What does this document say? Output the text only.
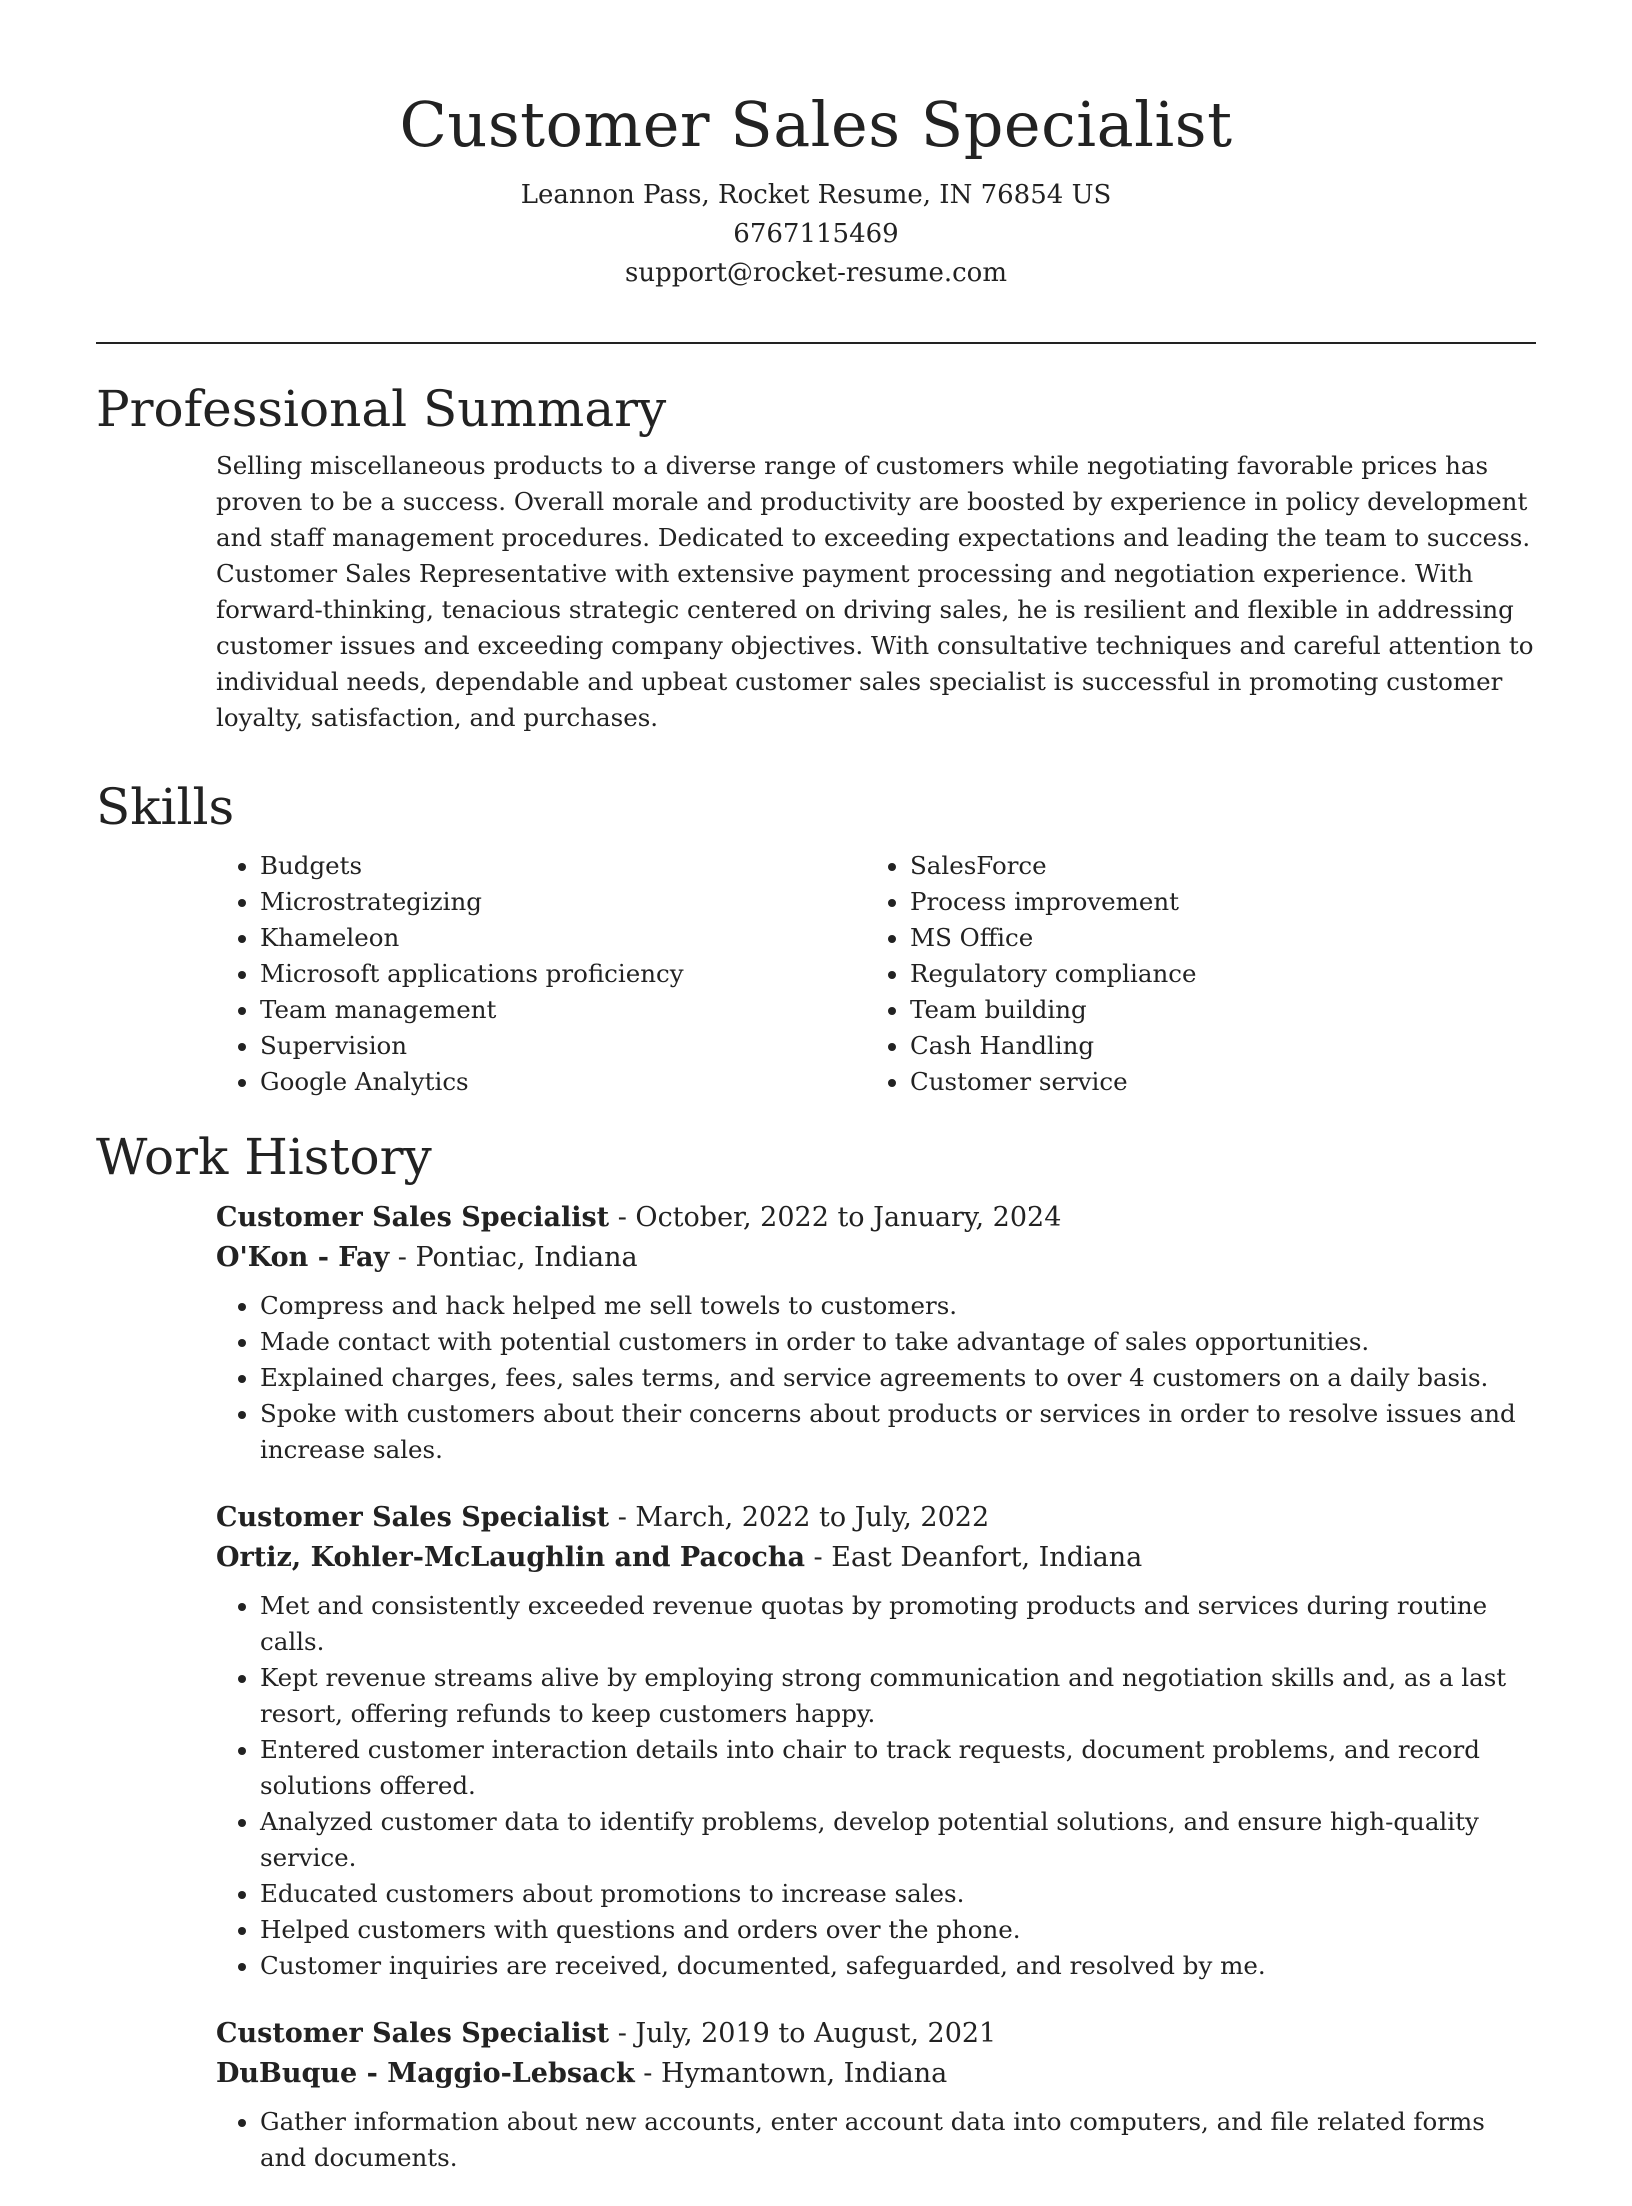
Customer Sales Specialist
Leannon Pass, Rocket Resume, IN 76854 US
6767115469
support@rocket-resume.com
Professional Summary

Selling miscellaneous products to a diverse range of customers while negotiating favorable prices has proven to be a success. Overall morale and productivity are boosted by experience in policy development and staff management procedures. Dedicated to exceeding expectations and leading the team to success. Customer Sales Representative with extensive payment processing and negotiation experience. With forward-thinking, tenacious strategic centered on driving sales, he is resilient and flexible in addressing customer issues and exceeding company objectives. With consultative techniques and careful attention to individual needs, dependable and upbeat customer sales specialist is successful in promoting customer loyalty, satisfaction, and purchases.

Skills
• Budgets
• Microstrategizing
• Khameleon
• Microsoft applications proficiency
• Team management
• Supervision
• Google Analytics
• SalesForce
• Process improvement
• MS Office
• Regulatory compliance
• Team building
• Cash Handling
• Customer service
Work History
Customer Sales Specialist - October, 2022 to January, 2024
O'Kon - Fay - Pontiac, Indiana
• Compress and hack helped me sell towels to customers.
• Made contact with potential customers in order to take advantage of sales opportunities.
• Explained charges, fees, sales terms, and service agreements to over 4 customers on a daily basis.
• Spoke with customers about their concerns about products or services in order to resolve issues and increase sales.
Customer Sales Specialist - March, 2022 to July, 2022
Ortiz, Kohler-McLaughlin and Pacocha - East Deanfort, Indiana
• Met and consistently exceeded revenue quotas by promoting products and services during routine calls.
• Kept revenue streams alive by employing strong communication and negotiation skills and, as a last resort, offering refunds to keep customers happy.
• Entered customer interaction details into chair to track requests, document problems, and record solutions offered.
• Analyzed customer data to identify problems, develop potential solutions, and ensure high-quality service.
• Educated customers about promotions to increase sales.
• Helped customers with questions and orders over the phone.
• Customer inquiries are received, documented, safeguarded, and resolved by me.
Customer Sales Specialist - July, 2019 to August, 2021
DuBuque - Maggio-Lebsack - Hymantown, Indiana
• Gather information about new accounts, enter account data into computers, and file related forms and documents.
